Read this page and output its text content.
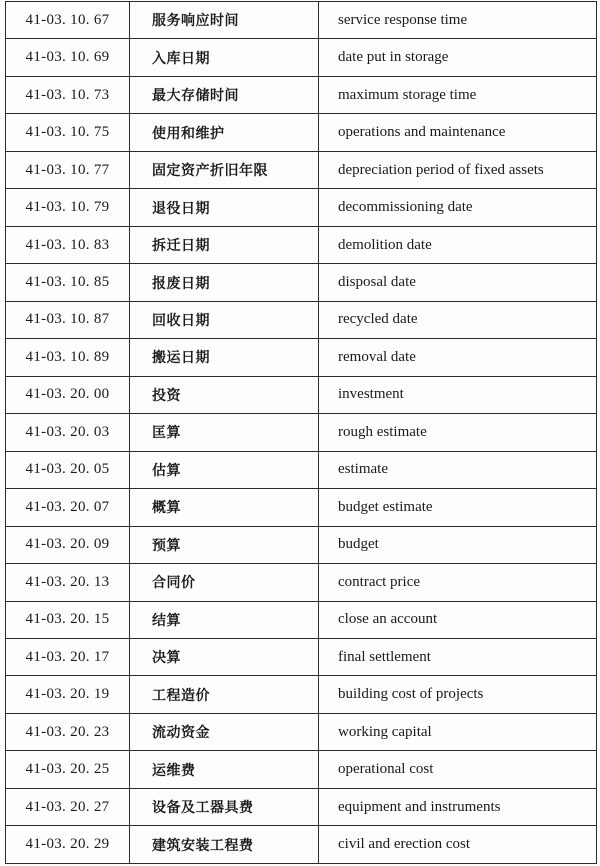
41-03. 10. 67	服务响应时间	service response time
41-03. 10. 69	入库日期	date put in storage
41-03. 10. 73	最大存储时间	maximum storage time
41-03. 10. 75	使用和维护	operations and maintenance
41-03. 10. 77	固定资产折旧年限	depreciation period of fixed assets
41-03. 10. 79	退役日期	decommissioning date
41-03. 10. 83	拆迁日期	demolition date
41-03. 10. 85	报废日期	disposal date
41-03. 10. 87	回收日期	recycled date
41-03. 10. 89	搬运日期	removal date
41-03. 20. 00	投资	investment
41-03. 20. 03	匡算	rough estimate
41-03. 20. 05	估算	estimate
41-03. 20. 07	概算	budget estimate
41-03. 20. 09	预算	budget
41-03. 20. 13	合同价	contract price
41-03. 20. 15	结算	close an account
41-03. 20. 17	决算	final settlement
41-03. 20. 19	工程造价	building cost of projects
41-03. 20. 23	流动资金	working capital
41-03. 20. 25	运维费	operational cost
41-03. 20. 27	设备及工器具费	equipment and instruments
41-03. 20. 29	建筑安装工程费	civil and erection cost
